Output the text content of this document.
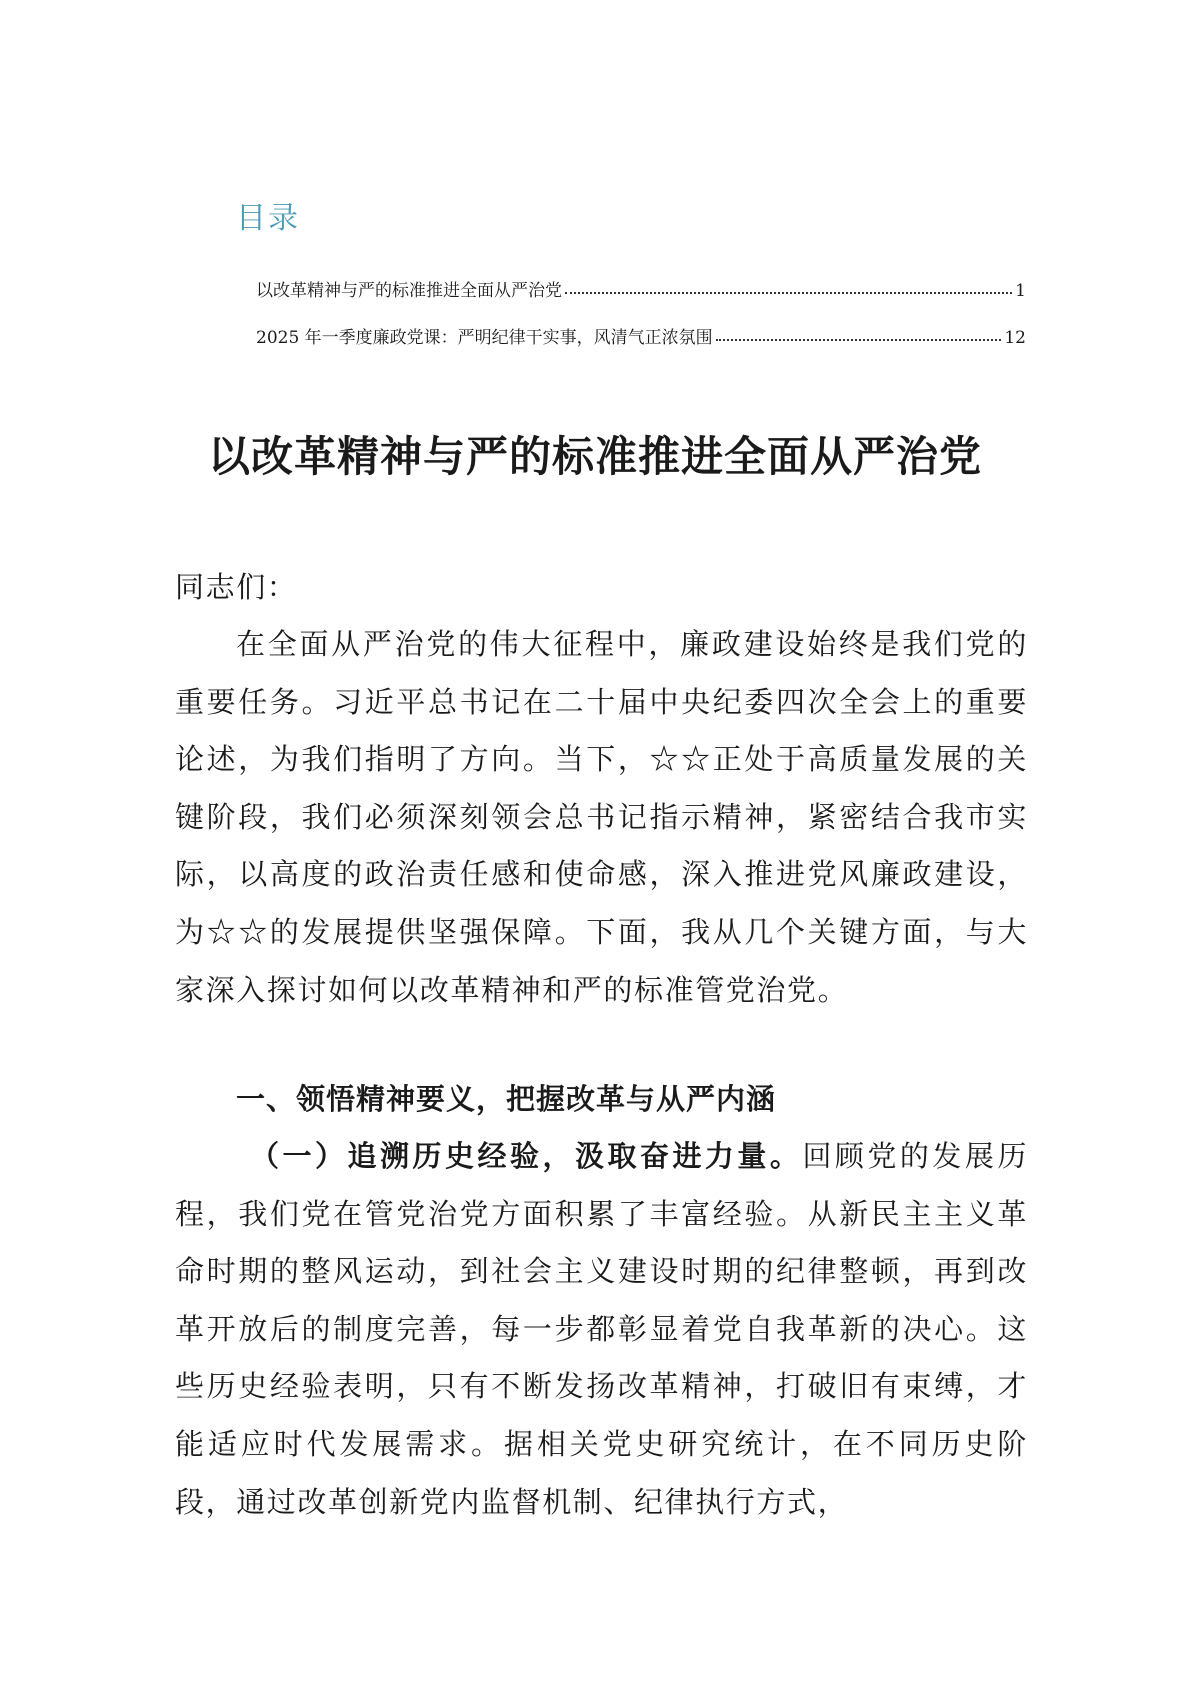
目录
以改革精神与严的标准推进全面从严治党	1
2025 年一季度廉政党课：严明纪律干实事，风清气正浓氛围	12
以改革精神与严的标准推进全面从严治党
同志们：
在全面从严治党的伟大征程中，廉政建设始终是我们党的重要任务。习近平总书记在二十届中央纪委四次全会上的重要论述，为我们指明了方向。当下，☆☆正处于高质量发展的关键阶段，我们必须深刻领会总书记指示精神，紧密结合我市实际，以高度的政治责任感和使命感，深入推进党风廉政建设，为☆☆的发展提供坚强保障。下面，我从几个关键方面，与大家深入探讨如何以改革精神和严的标准管党治党。
一、领悟精神要义，把握改革与从严内涵
（一）追溯历史经验，汲取奋进力量。回顾党的发展历程，我们党在管党治党方面积累了丰富经验。从新民主主义革命时期的整风运动，到社会主义建设时期的纪律整顿，再到改革开放后的制度完善，每一步都彰显着党自我革新的决心。这些历史经验表明，只有不断发扬改革精神，打破旧有束缚，才能适应时代发展需求。据相关党史研究统计，在不同历史阶段，通过改革创新党内监督机制、纪律执行方式，
